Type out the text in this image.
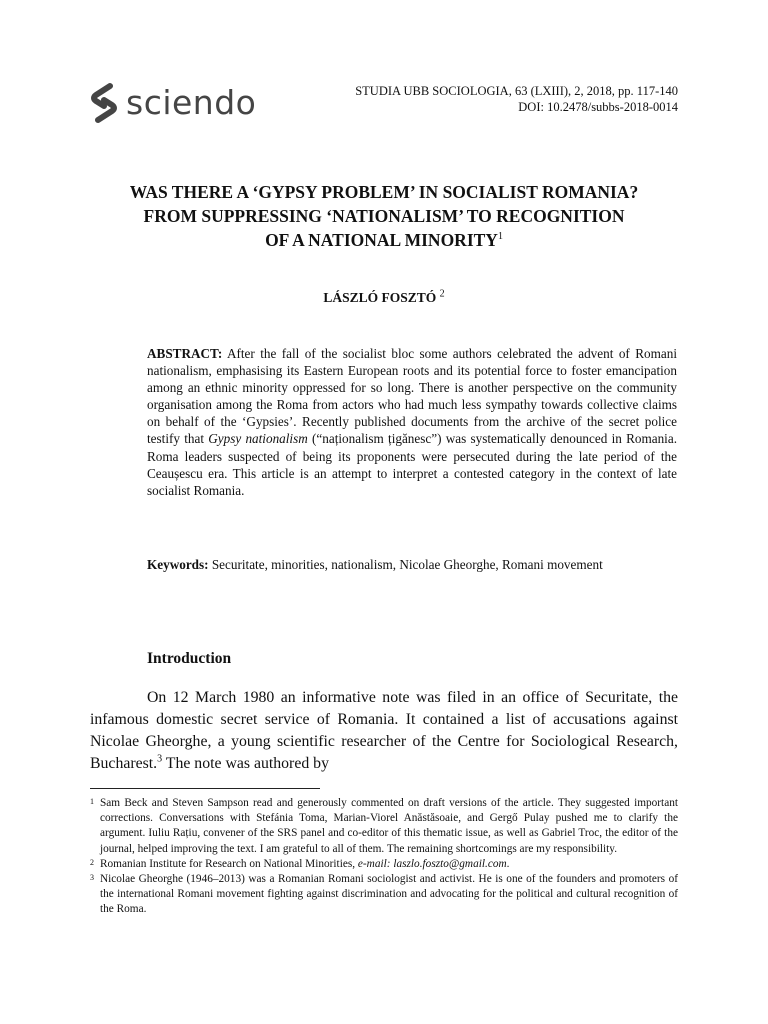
sciendo	STUDIA UBB SOCIOLOGIA, 63 (LXIII), 2, 2018, pp. 117-140
DOI: 10.2478/subbs-2018-0014
WAS THERE A ‘GYPSY PROBLEM’ IN SOCIALIST ROMANIA?
FROM SUPPRESSING ‘NATIONALISM’ TO RECOGNITION
OF A NATIONAL MINORITY$^1$
LÁSZLÓ FOSZTÓ $^2$
ABSTRACT: After the fall of the socialist bloc some authors celebrated the advent of Romani nationalism, emphasising its Eastern European roots and its potential force to foster emancipation among an ethnic minority oppressed for so long. There is another perspective on the community organisation among the Roma from actors who had much less sympathy towards collective claims on behalf of the ‘Gypsies’. Recently published documents from the archive of the secret police testify that Gypsy nationalism (“naționalism țigănesc”) was systematically denounced in Romania. Roma leaders suspected of being its proponents were persecuted during the late period of the Ceaușescu era. This article is an attempt to interpret a contested category in the context of late socialist Romania.
Keywords: Securitate, minorities, nationalism, Nicolae Gheorghe, Romani movement
Introduction
On 12 March 1980 an informative note was filed in an office of Securitate, the infamous domestic secret service of Romania. It contained a list of accusations against Nicolae Gheorghe, a young scientific researcher of the Centre for Sociological Research, Bucharest.$^3$ The note was authored by
1 Sam Beck and Steven Sampson read and generously commented on draft versions of the article. They suggested important corrections. Conversations with Stefánia Toma, Marian-Viorel Anăstăsoaie, and Gergő Pulay pushed me to clarify the argument. Iuliu Rațiu, convener of the SRS panel and co-editor of this thematic issue, as well as Gabriel Troc, the editor of the journal, helped improving the text. I am grateful to all of them. The remaining shortcomings are my responsibility.
2 Romanian Institute for Research on National Minorities, e-mail: laszlo.foszto@gmail.com.
3 Nicolae Gheorghe (1946–2013) was a Romanian Romani sociologist and activist. He is one of the founders and promoters of the international Romani movement fighting against discrimination and advocating for the political and cultural recognition of the Roma.
